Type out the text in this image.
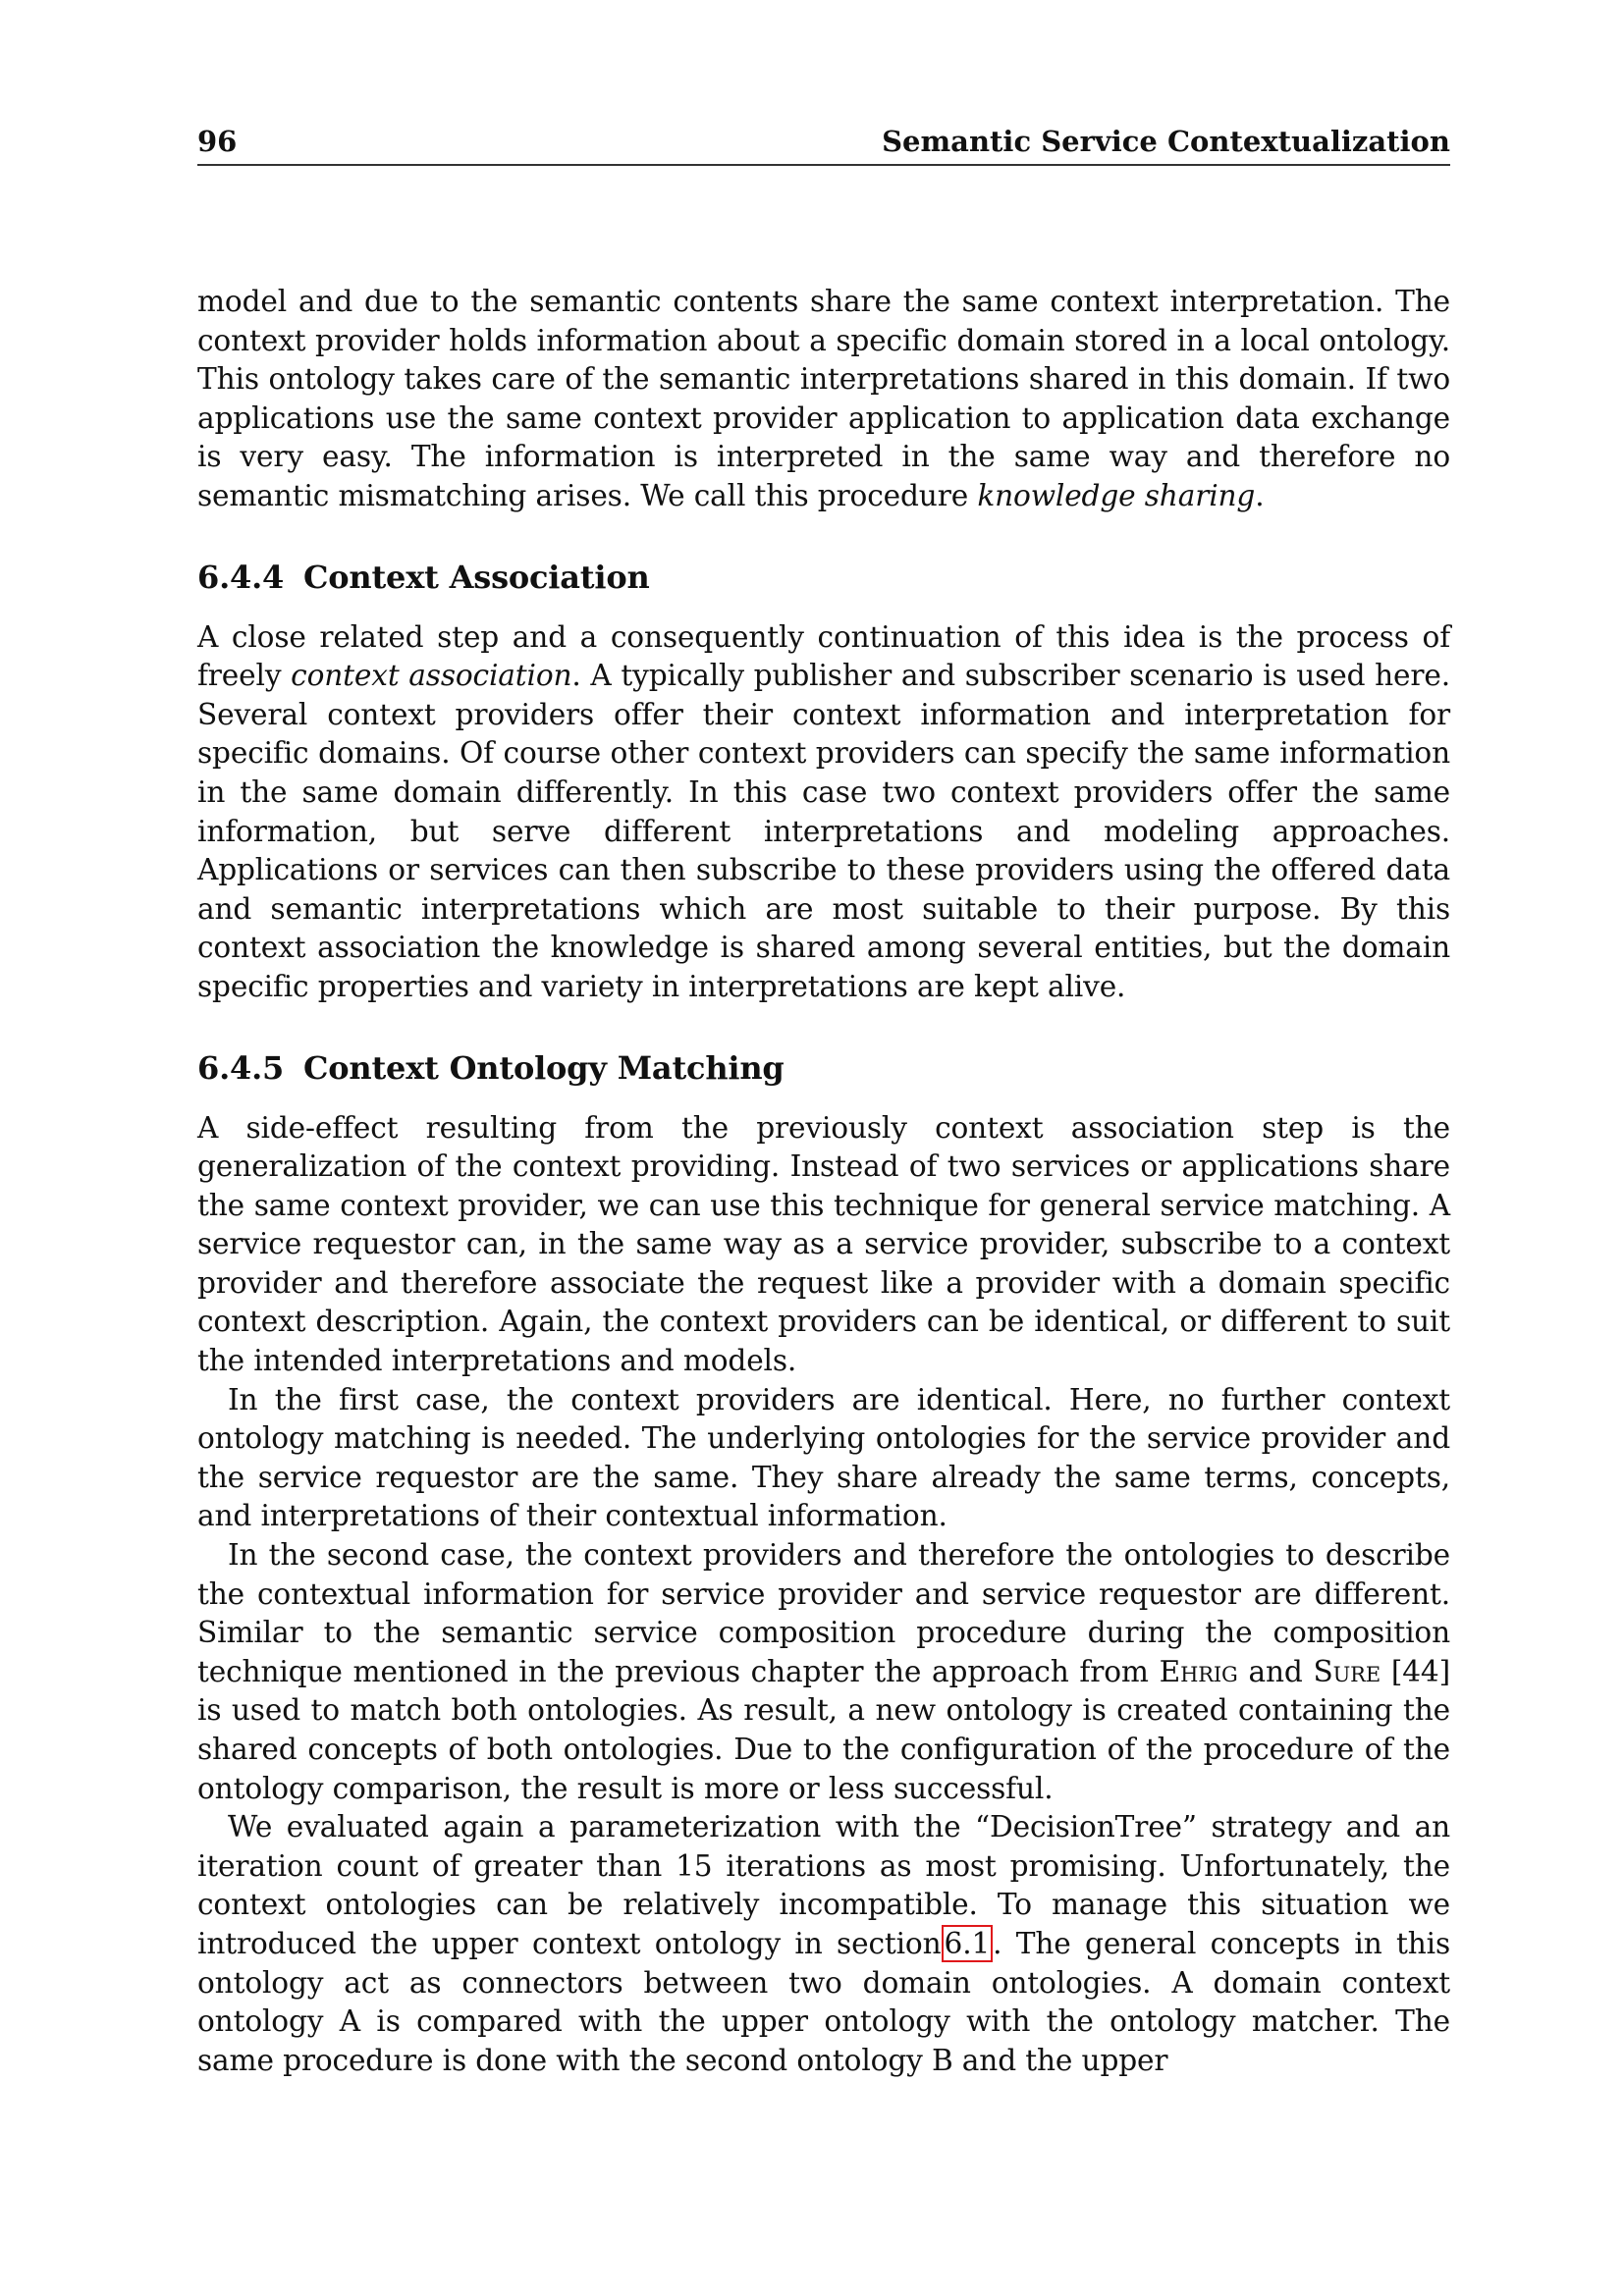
96	Semantic Service Contextualization

model and due to the semantic contents share the same context interpretation. The context provider holds information about a specific domain stored in a local ontology. This ontology takes care of the semantic interpretations shared in this domain. If two applications use the same context provider application to application data exchange is very easy. The information is interpreted in the same way and therefore no semantic mismatching arises. We call this procedure knowledge sharing.

6.4.4 Context Association

A close related step and a consequently continuation of this idea is the process of freely context association. A typically publisher and subscriber scenario is used here. Several context providers offer their context information and interpretation for specific domains. Of course other context providers can specify the same information in the same domain differently. In this case two context providers offer the same information, but serve different interpretations and modeling approaches. Applications or services can then subscribe to these providers using the offered data and semantic interpretations which are most suitable to their purpose. By this context association the knowledge is shared among several entities, but the domain specific properties and variety in interpretations are kept alive.

6.4.5 Context Ontology Matching

A side-effect resulting from the previously context association step is the generalization of the context providing. Instead of two services or applications share the same context provider, we can use this technique for general service matching. A service requestor can, in the same way as a service provider, subscribe to a context provider and therefore associate the request like a provider with a domain specific context description. Again, the context providers can be identical, or different to suit the intended interpretations and models.

In the first case, the context providers are identical. Here, no further context ontology matching is needed. The underlying ontologies for the service provider and the service requestor are the same. They share already the same terms, concepts, and interpretations of their contextual information.

In the second case, the context providers and therefore the ontologies to describe the contextual information for service provider and service requestor are different. Similar to the semantic service composition procedure during the composition technique mentioned in the previous chapter the approach from Ehrig and Sure [44] is used to match both ontologies. As result, a new ontology is created containing the shared concepts of both ontologies. Due to the configuration of the procedure of the ontology comparison, the result is more or less successful.

We evaluated again a parameterization with the “DecisionTree” strategy and an iteration count of greater than 15 iterations as most promising. Unfortunately, the context ontologies can be relatively incompatible. To manage this situation we introduced the upper context ontology in section 6.1 . The general concepts in this ontology act as connectors between two domain ontologies. A domain context ontology A is compared with the upper ontology with the ontology matcher. The same procedure is done with the second ontology B and the upper
